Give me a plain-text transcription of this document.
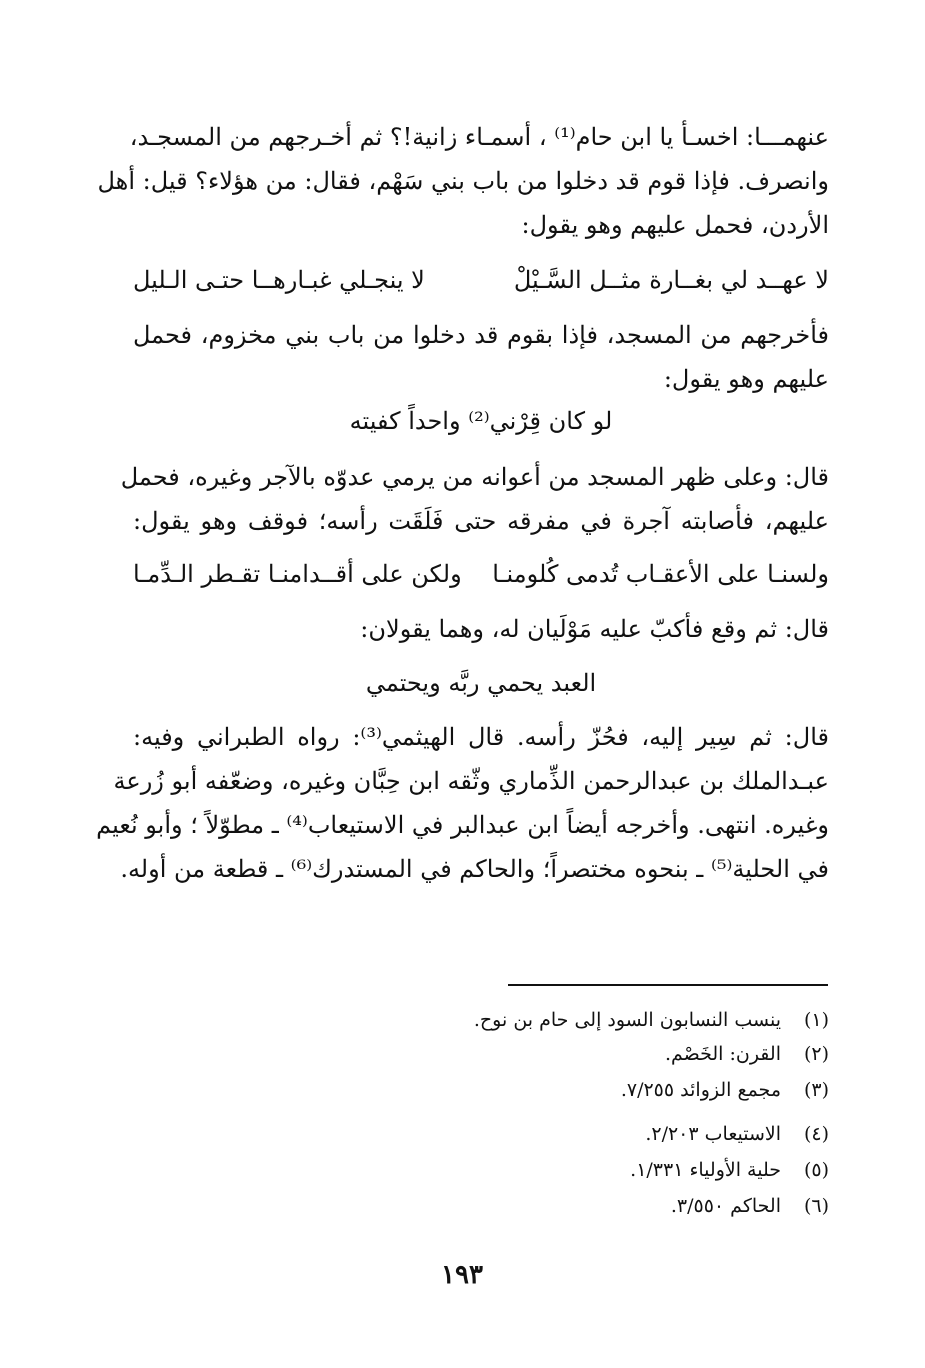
عنهمـــا: اخسـأ يا ابن حام⁽¹⁾ ، أسمـاء زانية!؟ ثم أخـرجهم من المسجـد،
وانصرف. فإذا قوم قد دخلوا من باب بني سَهْم، فقال: من هؤلاء؟ قيل: أهل
الأردن، فحمل عليهم وهو يقول:
لا عهــد لي بغــارة مثــل السَّـيْلْ
لا ينجـلي غبـارهــا حتـى الـليل
فأخرجهم من المسجد، فإذا بقوم قد دخلوا من باب بني مخزوم، فحمل
عليهم وهو يقول:
لو كان قِرْني⁽²⁾ واحداً كفيته
قال: وعلى ظهر المسجد من أعوانه من يرمي عدوّه بالآجر وغيره، فحمل
عليهم، فأصابته آجرة في مفرقه حتى فَلَقَت رأسه؛ فوقف وهو يقول:
ولسنـا على الأعقـاب تُدمى كُلومنـا
ولكن على أقــدامنـا تقـطر الـدِّمـا
قال: ثم وقع فأكبّ عليه مَوْلَيان له، وهما يقولان:
العبد يحمي ربَّه ويحتمي
قال: ثم سِير إليه، فحُزّ رأسه. قال الهيثمي⁽³⁾: رواه الطبراني وفيه:
عبـدالملك بن عبدالرحمن الذِّماري وثّقه ابن حِبَّان وغيره، وضعّفه أبو زُرعة
وغيره. انتهى. وأخرجه أيضاً ابن عبدالبر في الاستيعاب⁽⁴⁾ ـ مطوّلاً ؛ وأبو نُعيم
في الحلية⁽⁵⁾ ـ بنحوه مختصراً؛ والحاكم في المستدرك⁽⁶⁾ ـ قطعة من أوله.
(١)ينسب النسابون السود إلى حام بن نوح.
(٢)القرن: الخَصْم.
(٣)مجمع الزوائد ٧/٢٥٥.
(٤)الاستيعاب ٢/٢٠٣.
(٥)حلية الأولياء ١/٣٣١.
(٦)الحاكم ٣/٥٥٠.
١٩٣
